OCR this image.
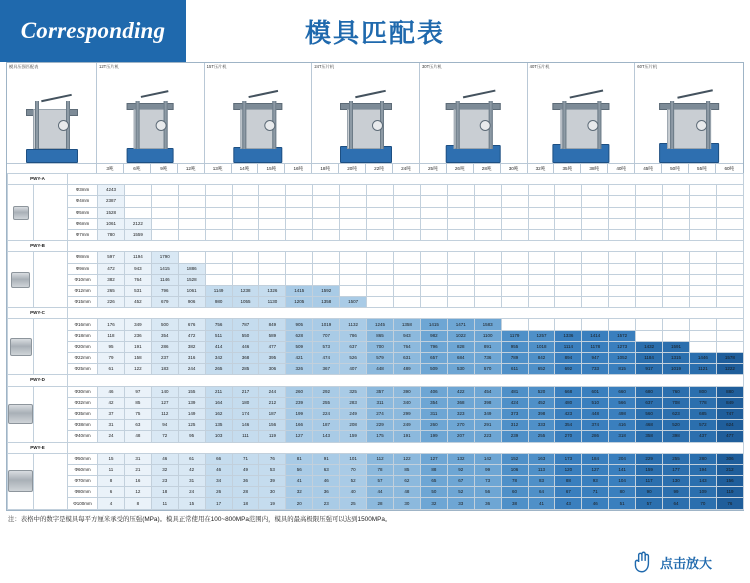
Corresponding	模具匹配表
模具压强匹配表	12T压片机	15T压片机	24T压片机	30T压片机	40T压片机	60T压片机
3吨	6吨	9吨	12吨	13吨	14吨	15吨	16吨	18吨	20吨	22吨	24吨	25吨	26吨	28吨	30吨	32吨	35吨	38吨	40吨	45吨	50吨	55吨	60吨
PWY-A																										

		Φ3mm	4243																							
		Φ4mm	2387																							
		Φ5mm	1528																							
		Φ6mm	1061	2122																						
		Φ7mm	780	1559																						
PWY-B																										

		Φ8mm	597	1194	1790																					
		Φ9mm	472	943	1415	1886																				
		Φ10mm	382	764	1146	1528																				
		Φ12mm	265	531	796	1061	1149	1238	1326	1415	1592															
		Φ15mm	226	452	679	906	980	1055	1130	1205	1358	1507														
PWY-C																										

		Φ16mm	176	349	500	676	756	787	849	905	1019	1132	1245	1358	1415	1471	1583									
		Φ18mm	118	236	354	472	511	550	589	628	707	786	865	943	982	1022	1100	1179	1257	1336	1414	1572				
		Φ20mm	95	191	286	382	414	446	477	509	573	637	700	764	796	828	891	955	1018	1114	1178	1273	1432	1591		
		Φ22mm	79	158	237	316	342	368	395	421	474	526	579	631	657	684	736	789	842	894	947	1052	1184	1315	1446	1578
		Φ25mm	61	122	183	244	265	285	306	326	367	407	448	489	509	530	570	611	652	692	733	815	917	1019	1121	1222
PWY-D																										

		Φ30mm	46	97	140	155	211	217	244	260	292	325	357	390	406	422	454	481	520	668	601	660	680	760	800	880
		Φ32mm	42	85	127	139	164	180	212	239	255	283	311	340	354	368	398	424	452	480	510	566	637	708	778	849
		Φ35mm	37	75	112	149	162	174	187	199	224	249	274	299	311	323	349	373	398	423	448	498	560	623	685	747
		Φ38mm	31	63	94	125	135	146	156	166	187	208	229	249	260	270	291	312	333	354	374	416	468	520	572	624
		Φ40mm	24	48	72	95	103	111	119	127	143	159	175	191	199	207	223	239	255	270	286	318	358	398	437	477
PWY-E																										

		Φ50mm	15	31	46	61	66	71	76	81	91	101	112	122	127	132	142	152	163	173	184	204	229	255	280	306
		Φ60mm	11	21	32	42	46	49	53	56	63	70	78	85	88	92	99	106	113	120	127	141	159	177	194	212
		Φ70mm	8	16	23	31	34	36	39	41	46	52	57	62	65	67	73	78	83	88	93	104	117	130	143	156
		Φ80mm	6	12	18	24	26	28	30	32	36	40	44	48	50	52	56	60	64	67	71	80	90	99	109	119
		Φ100mm	4	8	11	15	17	18	19	20	23	25	28	30	32	33	36	38	41	43	46	51	57	64	70	76
注：表格中的数字是模具每平方厘米承受的压强(MPa)。模具正常使用在100~800MPa范围内，模具的最高极限压强可以达到1500MPa。
点击放大
